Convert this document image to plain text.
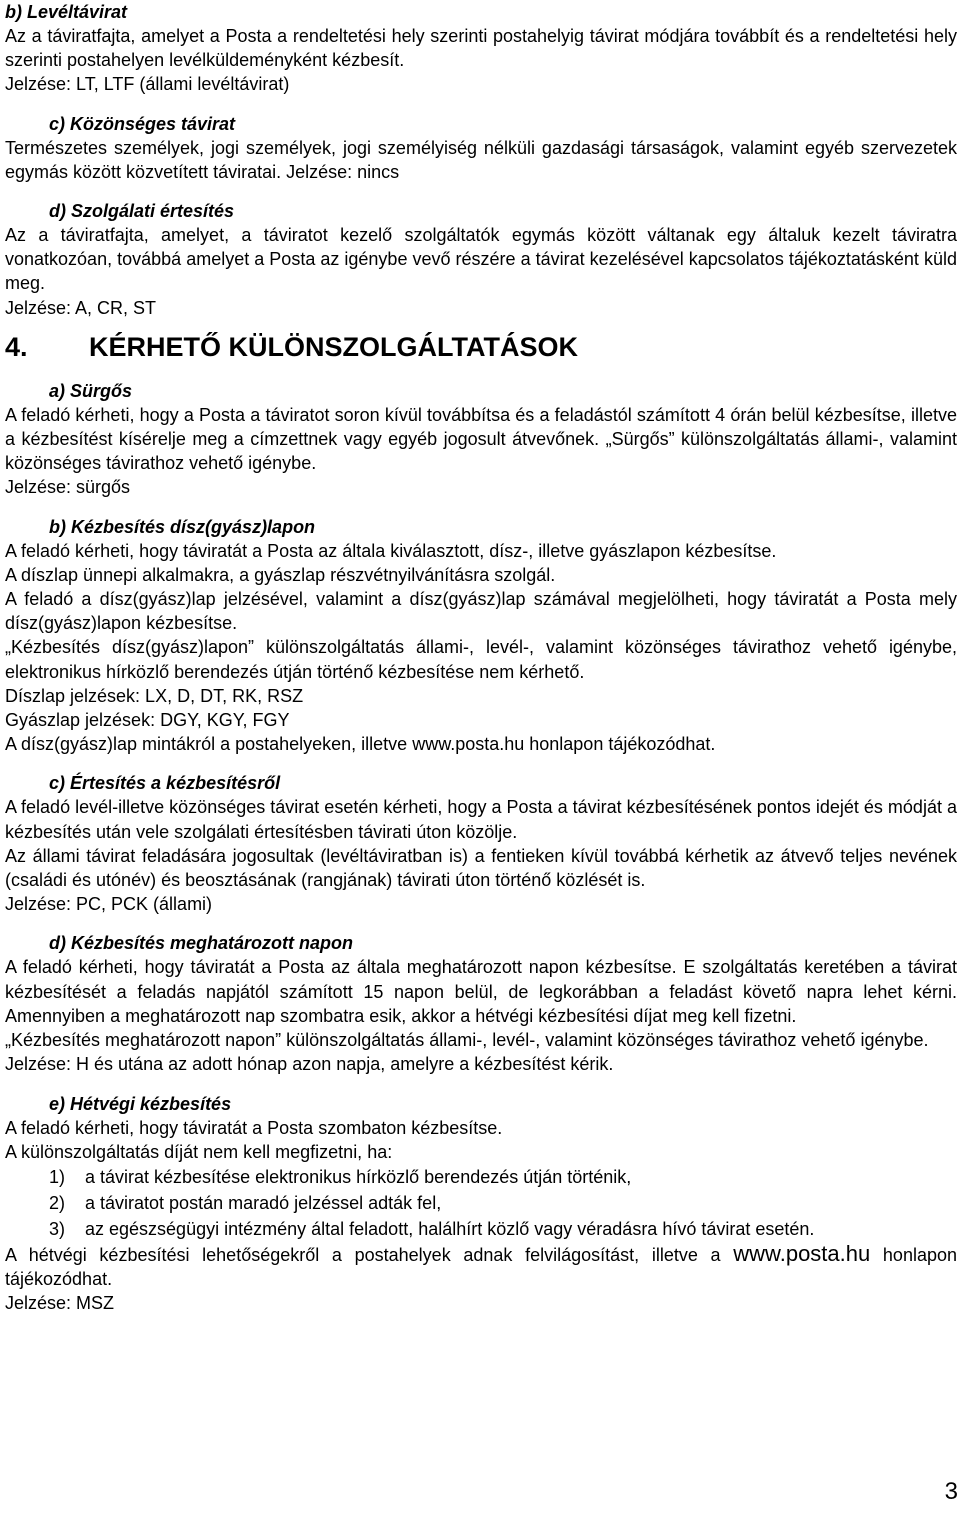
b) Levéltávirat

Az a táviratfajta, amelyet a Posta a rendeltetési hely szerinti postahelyig távirat módjára továbbít és a rendeltetési hely szerinti postahelyen levélküldeményként kézbesít.

Jelzése: LT, LTF (állami levéltávirat)

c) Közönséges távirat

Természetes személyek, jogi személyek, jogi személyiség nélküli gazdasági társaságok, valamint egyéb szervezetek egymás között közvetített táviratai. Jelzése: nincs

d) Szolgálati értesítés

Az a táviratfajta, amelyet, a táviratot kezelő szolgáltatók egymás között váltanak egy általuk kezelt táviratra vonatkozóan, továbbá amelyet a Posta az igénybe vevő részére a távirat kezelésével kapcsolatos tájékoztatásként küld meg.

Jelzése: A, CR, ST

4. KÉRHETŐ KÜLÖNSZOLGÁLTATÁSOK
a) Sürgős

A feladó kérheti, hogy a Posta a táviratot soron kívül továbbítsa és a feladástól számított 4 órán belül kézbesítse, illetve a kézbesítést kísérelje meg a címzettnek vagy egyéb jogosult átvevőnek. „Sürgős” különszolgáltatás állami-, valamint közönséges távirathoz vehető igénybe.

Jelzése: sürgős

b) Kézbesítés dísz(gyász)lapon

A feladó kérheti, hogy táviratát a Posta az általa kiválasztott, dísz-, illetve gyászlapon kézbesítse.

A díszlap ünnepi alkalmakra, a gyászlap részvétnyilvánításra szolgál.

A feladó a dísz(gyász)lap jelzésével, valamint a dísz(gyász)lap számával megjelölheti, hogy táviratát a Posta mely dísz(gyász)lapon kézbesítse.

„Kézbesítés dísz(gyász)lapon” különszolgáltatás állami-, levél-, valamint közönséges távirathoz vehető igénybe, elektronikus hírközlő berendezés útján történő kézbesítése nem kérhető.

Díszlap jelzések: LX, D, DT, RK, RSZ

Gyászlap jelzések: DGY, KGY, FGY

A dísz(gyász)lap mintákról a postahelyeken, illetve www.posta.hu honlapon tájékozódhat.

c) Értesítés a kézbesítésről

A feladó levél-illetve közönséges távirat esetén kérheti, hogy a Posta a távirat kézbesítésének pontos idejét és módját a kézbesítés után vele szolgálati értesítésben távirati úton közölje.

Az állami távirat feladására jogosultak (levéltáviratban is) a fentieken kívül továbbá kérhetik az átvevő teljes nevének (családi és utónév) és beosztásának (rangjának) távirati úton történő közlését is.

Jelzése: PC, PCK (állami)

d) Kézbesítés meghatározott napon

A feladó kérheti, hogy táviratát a Posta az általa meghatározott napon kézbesítse. E szolgáltatás keretében a távirat kézbesítését a feladás napjától számított 15 napon belül, de legkorábban a feladást követő napra lehet kérni. Amennyiben a meghatározott nap szombatra esik, akkor a hétvégi kézbesítési díjat meg kell fizetni.

„Kézbesítés meghatározott napon” különszolgáltatás állami-, levél-, valamint közönséges távirathoz vehető igénybe.

Jelzése: H és utána az adott hónap azon napja, amelyre a kézbesítést kérik.

e) Hétvégi kézbesítés

A feladó kérheti, hogy táviratát a Posta szombaton kézbesítse.

A különszolgáltatás díját nem kell megfizetni, ha:

1) a távirat kézbesítése elektronikus hírközlő berendezés útján történik,
2) a táviratot postán maradó jelzéssel adták fel,
3) az egészségügyi intézmény által feladott, halálhírt közlő vagy véradásra hívó távirat esetén.

A hétvégi kézbesítési lehetőségekről a postahelyek adnak felvilágosítást, illetve a www.posta.hu honlapon tájékozódhat.

Jelzése: MSZ

3
